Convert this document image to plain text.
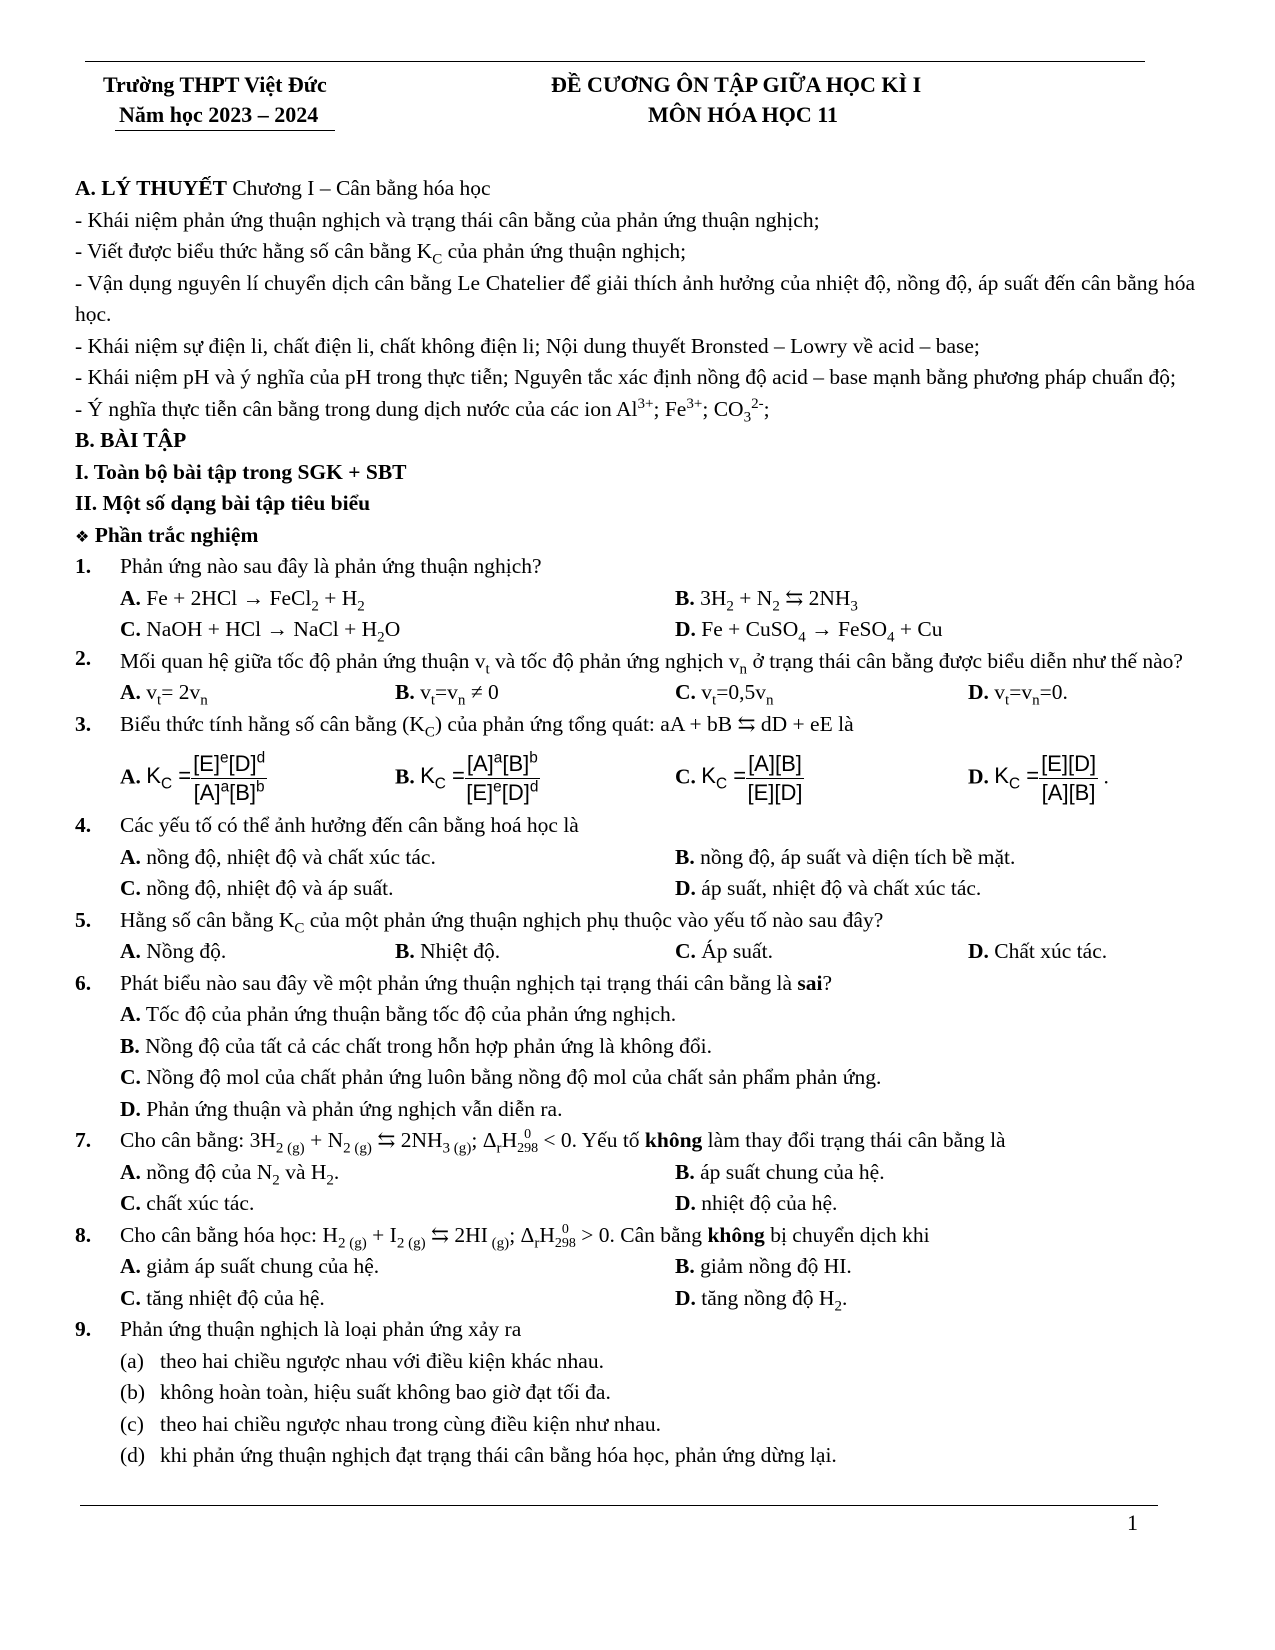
Trường THPT Việt Đức
Năm học 2023 – 2024
ĐỀ CƯƠNG ÔN TẬP GIỮA HỌC KÌ I
MÔN HÓA HỌC 11
A. LÝ THUYẾT Chương I – Cân bằng hóa học
- Khái niệm phản ứng thuận nghịch và trạng thái cân bằng của phản ứng thuận nghịch;
- Viết được biểu thức hằng số cân bằng $K_C$ của phản ứng thuận nghịch;
- Vận dụng nguyên lí chuyển dịch cân bằng Le Chatelier để giải thích ảnh hưởng của nhiệt độ, nồng độ, áp suất đến cân bằng hóa học.
- Khái niệm sự điện li, chất điện li, chất không điện li; Nội dung thuyết Bronsted – Lowry về acid – base;
- Khái niệm pH và ý nghĩa của pH trong thực tiễn; Nguyên tắc xác định nồng độ acid – base mạnh bằng phương pháp chuẩn độ;
- Ý nghĩa thực tiễn cân bằng trong dung dịch nước của các ion $Al^{3+}$; $Fe^{3+}$; $CO_3^{2-}$;
B. BÀI TẬP
I. Toàn bộ bài tập trong SGK + SBT
II. Một số dạng bài tập tiêu biểu
❖ Phần trắc nghiệm
1. Phản ứng nào sau đây là phản ứng thuận nghịch?
A. Fe + 2HCl → FeCl$_2$ + $H_2$	B. $3H_2 + N_2$ ⇆ $2NH_3$
C. NaOH + HCl → NaCl + $H_2O$	D. Fe + CuSO$_4$ → FeSO$_4$ + Cu
2. Mối quan hệ giữa tốc độ phản ứng thuận $v_t$ và tốc độ phản ứng nghịch $v_n$ ở trạng thái cân bằng được biểu diễn như thế nào?
A. $v_t= 2v_n$	B. $v_t=v_n \ne 0$	C. $v_t=0,5v_n$	D. $v_t=v_n=0$.
3. Biểu thức tính hằng số cân bằng $(K_C)$ của phản ứng tổng quát: aA + bB ⇆ dD + eE là
A. $K_C = \frac{[E]^e[D]^d}{[A]^a[B]^b}$	B. $K_C = \frac{[A]^a[B]^b}{[E]^e[D]^d}$	C. $K_C = \frac{[A][B]}{[E][D]}$	D. $K_C = \frac{[E][D]}{[A][B]}$ .
4. Các yếu tố có thể ảnh hưởng đến cân bằng hoá học là
A. nồng độ, nhiệt độ và chất xúc tác.	B. nồng độ, áp suất và diện tích bề mặt.
C. nồng độ, nhiệt độ và áp suất.	D. áp suất, nhiệt độ và chất xúc tác.
5. Hằng số cân bằng $K_C$ của một phản ứng thuận nghịch phụ thuộc vào yếu tố nào sau đây?
A. Nồng độ.	B. Nhiệt độ.	C. Áp suất.	D. Chất xúc tác.
6. Phát biểu nào sau đây về một phản ứng thuận nghịch tại trạng thái cân bằng là sai?
A. Tốc độ của phản ứng thuận bằng tốc độ của phản ứng nghịch.
B. Nồng độ của tất cả các chất trong hỗn hợp phản ứng là không đổi.
C. Nồng độ mol của chất phản ứng luôn bằng nồng độ mol của chất sản phẩm phản ứng.
D. Phản ứng thuận và phản ứng nghịch vẫn diễn ra.
7. Cho cân bằng: $3H_{2 (g)} + N_{2 (g)}$ ⇆ $2NH_{3 (g)}$; $\Delta_rH$ 0
298 < 0. Yếu tố không làm thay đổi trạng thái cân bằng là
A. nồng độ của $N_2$ và $H_2$.	B. áp suất chung của hệ.
C. chất xúc tác.	D. nhiệt độ của hệ.
8. Cho cân bằng hóa học: $H_{2 (g)} + I_{2 (g)}$ ⇆ 2HI $_{(g)}$; $\Delta_rH$ 0
298 > 0. Cân bằng không bị chuyển dịch khi
A. giảm áp suất chung của hệ.	B. giảm nồng độ HI.
C. tăng nhiệt độ của hệ.	D. tăng nồng độ $H_2$.
9. Phản ứng thuận nghịch là loại phản ứng xảy ra
(a) theo hai chiều ngược nhau với điều kiện khác nhau.
(b) không hoàn toàn, hiệu suất không bao giờ đạt tối đa.
(c) theo hai chiều ngược nhau trong cùng điều kiện như nhau.
(d) khi phản ứng thuận nghịch đạt trạng thái cân bằng hóa học, phản ứng dừng lại.
1
